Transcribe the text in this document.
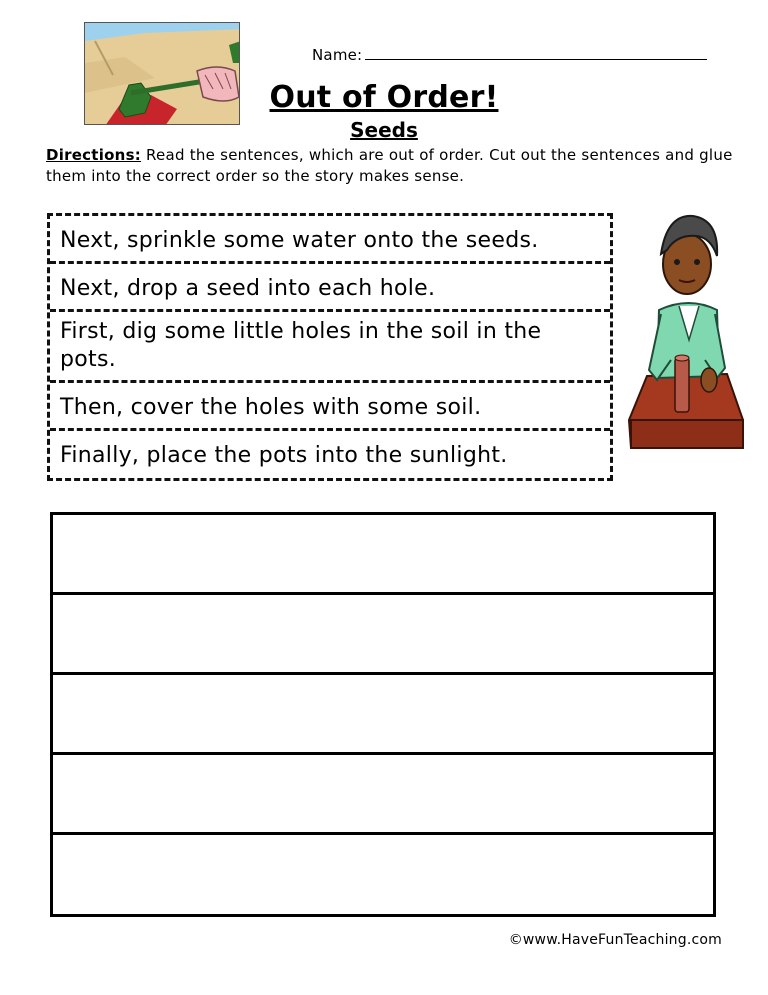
Name:
Out of Order!
Seeds
Directions: Read the sentences, which are out of order. Cut out the sentences and glue them into the correct order so the story makes sense.
Next, sprinkle some water onto the seeds.
Next, drop a seed into each hole.
First, dig some little holes in the soil in the pots.
Then, cover the holes with some soil.
Finally, place the pots into the sunlight.
©www.HaveFunTeaching.com
